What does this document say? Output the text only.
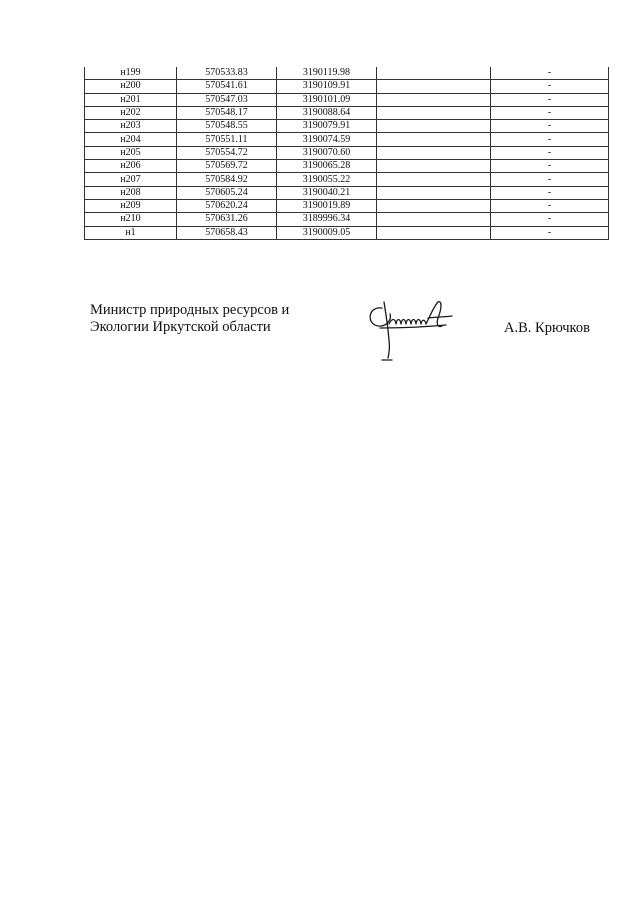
н199	570533.83	3190119.98		-
н200	570541.61	3190109.91		-
н201	570547.03	3190101.09		-
н202	570548.17	3190088.64		-
н203	570548.55	3190079.91		-
н204	570551.11	3190074.59		-
н205	570554.72	3190070.60		-
н206	570569.72	3190065.28		-
н207	570584.92	3190055.22		-
н208	570605.24	3190040.21		-
н209	570620.24	3190019.89		-
н210	570631.26	3189996.34		-
н1	570658.43	3190009.05		-
Министр природных ресурсов и
Экологии Иркутской области	А.В. Крючков
